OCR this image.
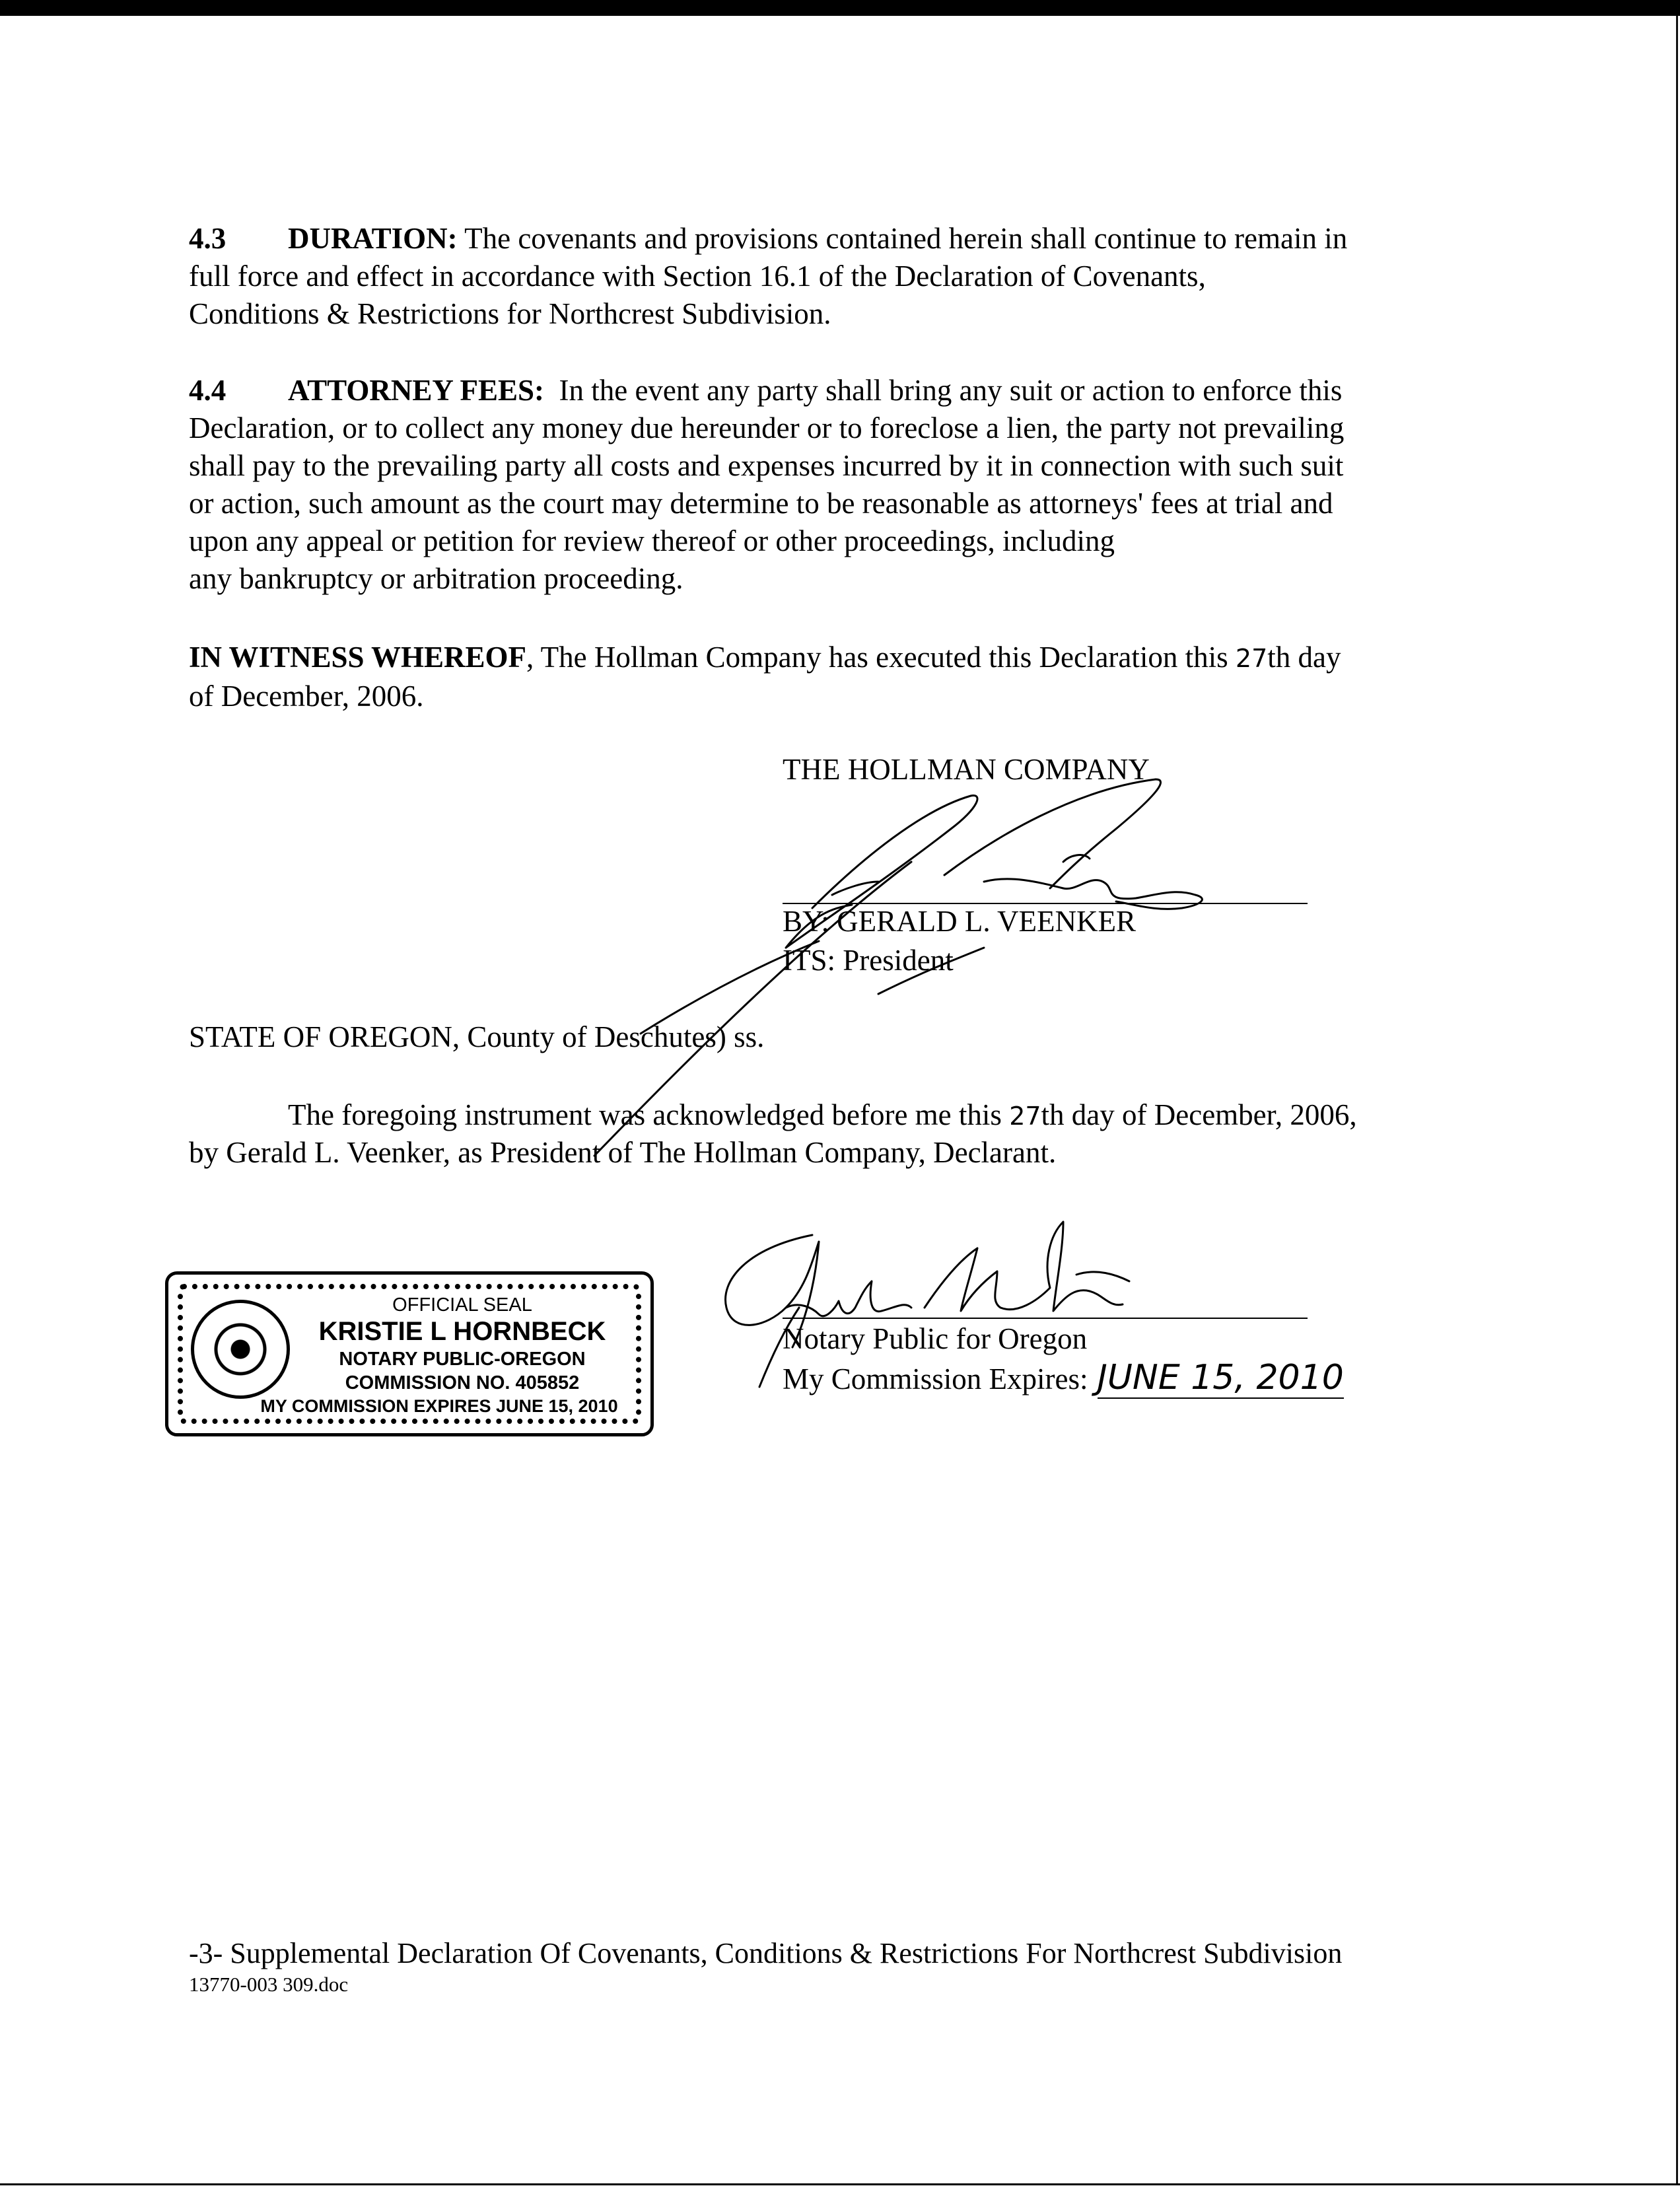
4.3 DURATION: The covenants and provisions contained herein shall continue to remain in
full force and effect in accordance with Section 16.1 of the Declaration of Covenants,
Conditions & Restrictions for Northcrest Subdivision.
4.4 ATTORNEY FEES: In the event any party shall bring any suit or action to enforce this
Declaration, or to collect any money due hereunder or to foreclose a lien, the party not prevailing
shall pay to the prevailing party all costs and expenses incurred by it in connection with such suit
or action, such amount as the court may determine to be reasonable as attorneys' fees at trial and
upon any appeal or petition for review thereof or other proceedings, including
any bankruptcy or arbitration proceeding.
IN WITNESS WHEREOF, The Hollman Company has executed this Declaration this 27th day
of December, 2006.
THE HOLLMAN COMPANY
BY: GERALD L. VEENKER
ITS: President
STATE OF OREGON, County of Deschutes) ss.
The foregoing instrument was acknowledged before me this 27th day of December, 2006,
by Gerald L. Veenker, as President of The Hollman Company, Declarant.
Notary Public for Oregon
My Commission Expires: JUNE 15, 2010
OFFICIAL SEAL
KRISTIE L HORNBECK
NOTARY PUBLIC-OREGON
COMMISSION NO. 405852
MY COMMISSION EXPIRES JUNE 15, 2010
-3- Supplemental Declaration Of Covenants, Conditions & Restrictions For Northcrest Subdivision
13770-003 309.doc
